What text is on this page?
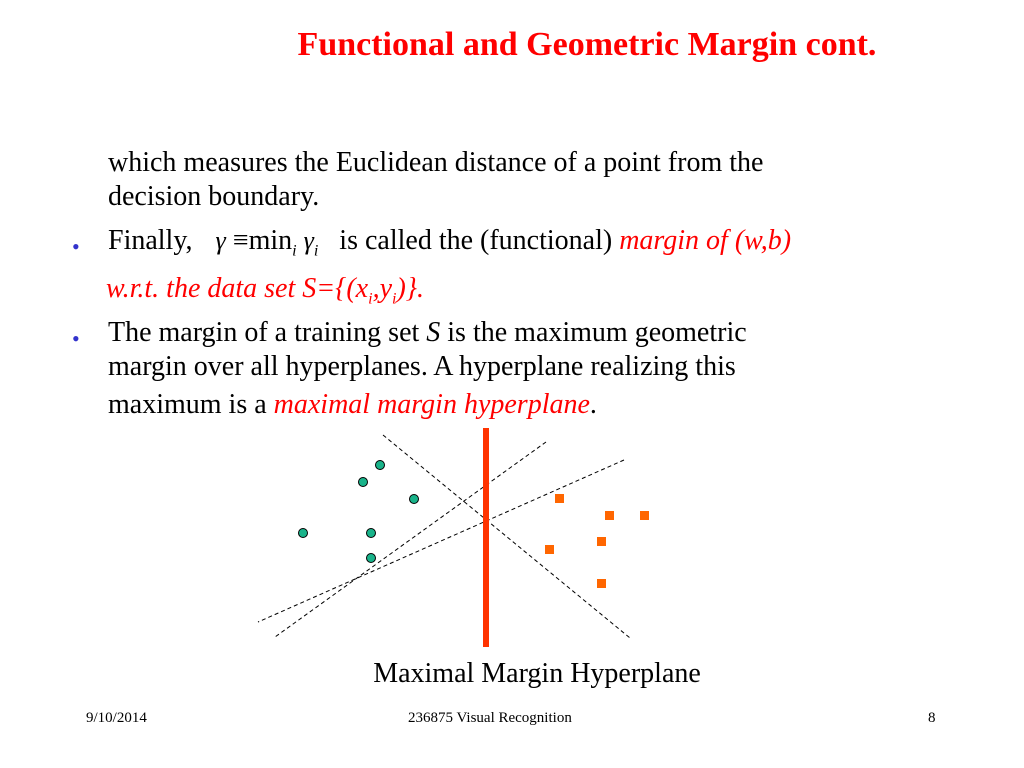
Functional and Geometric Margin cont.
which measures the Euclidean distance of a point from the
decision boundary.
• Finally, $\gamma \equiv\min_i$ $\gamma_i$ is called the (functional) margin of (w,b)
w.r.t. the data set $S=\{(x_i,y_i)\}$.
• The margin of a training set S is the maximum geometric
margin over all hyperplanes. A hyperplane realizing this
maximum is a maximal margin hyperplane.
Maximal Margin Hyperplane
9/10/2014	236875 Visual Recognition	8
